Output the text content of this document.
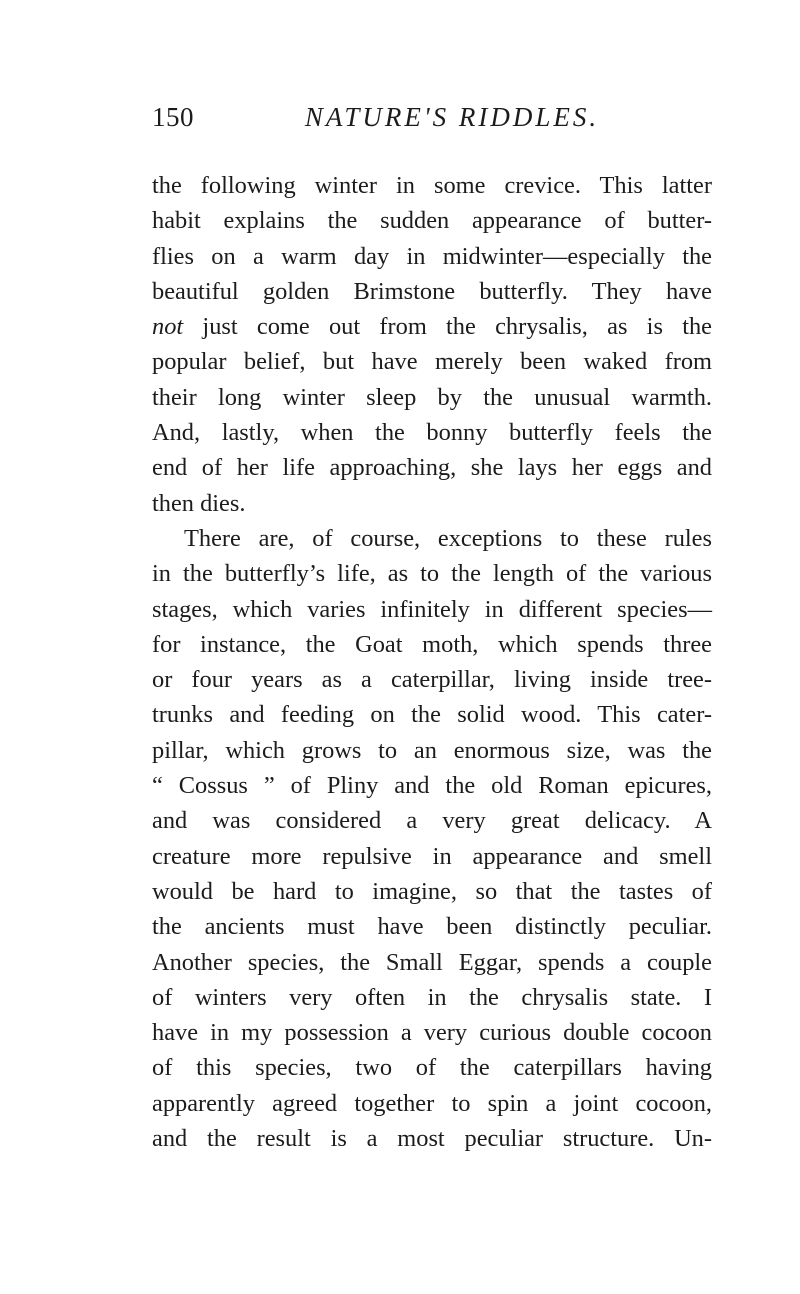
150	NATURE'S RIDDLES.
the following winter in some crevice. This latter
habit explains the sudden appearance of butter-
flies on a warm day in midwinter—especially the
beautiful golden Brimstone butterfly. They have
not just come out from the chrysalis, as is the
popular belief, but have merely been waked from
their long winter sleep by the unusual warmth.
And, lastly, when the bonny butterfly feels the
end of her life approaching, she lays her eggs and
then dies.
There are, of course, exceptions to these rules
in the butterfly’s life, as to the length of the various
stages, which varies infinitely in different species—
for instance, the Goat moth, which spends three
or four years as a caterpillar, living inside tree-
trunks and feeding on the solid wood. This cater-
pillar, which grows to an enormous size, was the
“ Cossus ” of Pliny and the old Roman epicures,
and was considered a very great delicacy. A
creature more repulsive in appearance and smell
would be hard to imagine, so that the tastes of
the ancients must have been distinctly peculiar.
Another species, the Small Eggar, spends a couple
of winters very often in the chrysalis state. I
have in my possession a very curious double cocoon
of this species, two of the caterpillars having
apparently agreed together to spin a joint cocoon,
and the result is a most peculiar structure. Un-
